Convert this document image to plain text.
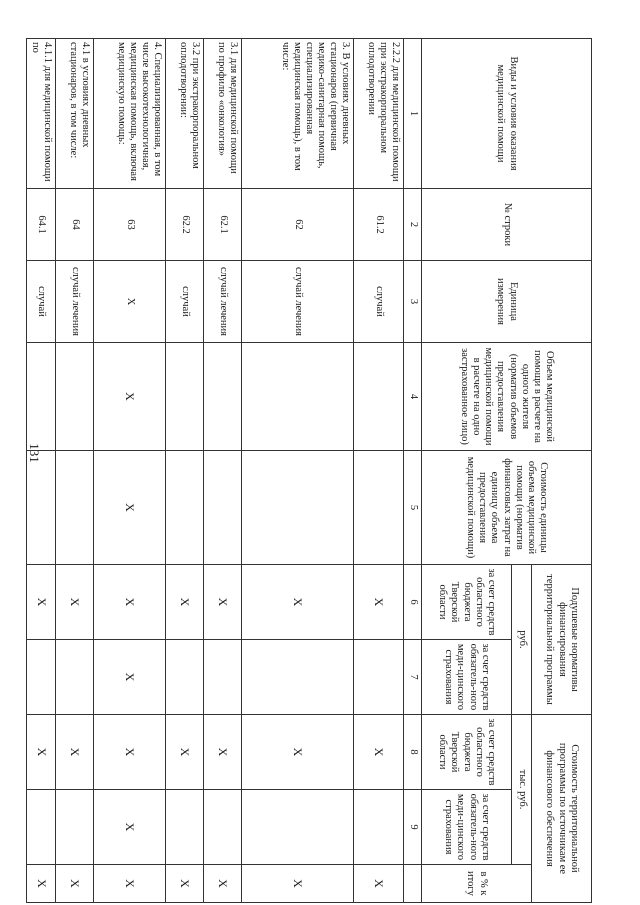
131
Виды и условия оказания медицинской помощи	№ строки	Единица измерения	Объем медицинской помощи в расчете на одного жителя (норматив объемов предоставления медицинской помощи в расчете на одно застрахованное лицо)	Стоимость единицы объема медицинской помощи (норматив финансовых затрат на единицу объема предоставления медицинской помощи)	Подушевые нормативы финансирования территориальной программы		Стоимость территориальной программы по источникам ее финансового обеспечения		
					руб.		тыс. руб.		в % к итогу
					за счет средств областного бюджета Тверской области	за счет средств обязатель-ного меди-цинского страхования	за счет средств областного бюджета Тверской области	за счет средств обязатель-ного меди-цинского страхования	
1	2	3	4	5	6	7	8	9	
2.2.2 для медицинской помощи при экстракорпоральном оплодотворении	61.2	случай			X		X		X
3. В условиях дневных стационаров (первичная медико-санитарная помощь, специализированная медицинская помощь), в том числе:	62	случай лечения			X		X		X
3.1 для медицинской помощи по профилю «онкология»	62.1	случай лечения			X		X		X
3.2 при экстракорпоральном оплодотворении:	62.2	случай			X		X		X
4. Специализированная, в том числе высокотехнологичная, медицинская помощь, включая медицинскую помощь:	63	X	X	X	X	X	X	X	X
4.1 в условиях дневных стационаров, в том числе:	64	случай лечения			X		X		X
4.1.1 для медицинской помощи по	64.1	случай			X		X		X
